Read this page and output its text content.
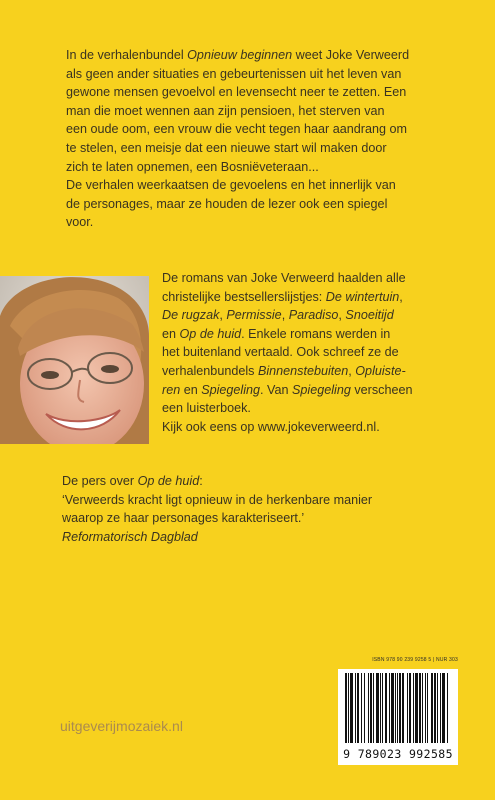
In de verhalenbundel Opnieuw beginnen weet Joke Verweerd
als geen ander situaties en gebeurtenissen uit het leven van
gewone mensen gevoelvol en levensecht neer te zetten. Een
man die moet wennen aan zijn pensioen, het sterven van
een oude oom, een vrouw die vecht tegen haar aandrang om
te stelen, een meisje dat een nieuwe start wil maken door
zich te laten opnemen, een Bosniëveteraan...
De verhalen weerkaatsen de gevoelens en het innerlijk van
de personages, maar ze houden de lezer ook een spiegel
voor.
De romans van Joke Verweerd haalden alle
christelijke bestsellerslijstjes: De wintertuin,
De rugzak, Permissie, Paradiso, Snoeitijd
en Op de huid. Enkele romans werden in
het buitenland vertaald. Ook schreef ze de
verhalenbundels Binnenstebuiten, Opluiste-
ren en Spiegeling. Van Spiegeling verscheen
een luisterboek.
Kijk ook eens op www.jokeverweerd.nl.
De pers over Op de huid:
‘Verweerds kracht ligt opnieuw in de herkenbare manier
waarop ze haar personages karakteriseert.’
Reformatorisch Dagblad
uitgeverijmozaiek.nl
ISBN 978 90 239 9258 5 | NUR 303
9 789023 992585
